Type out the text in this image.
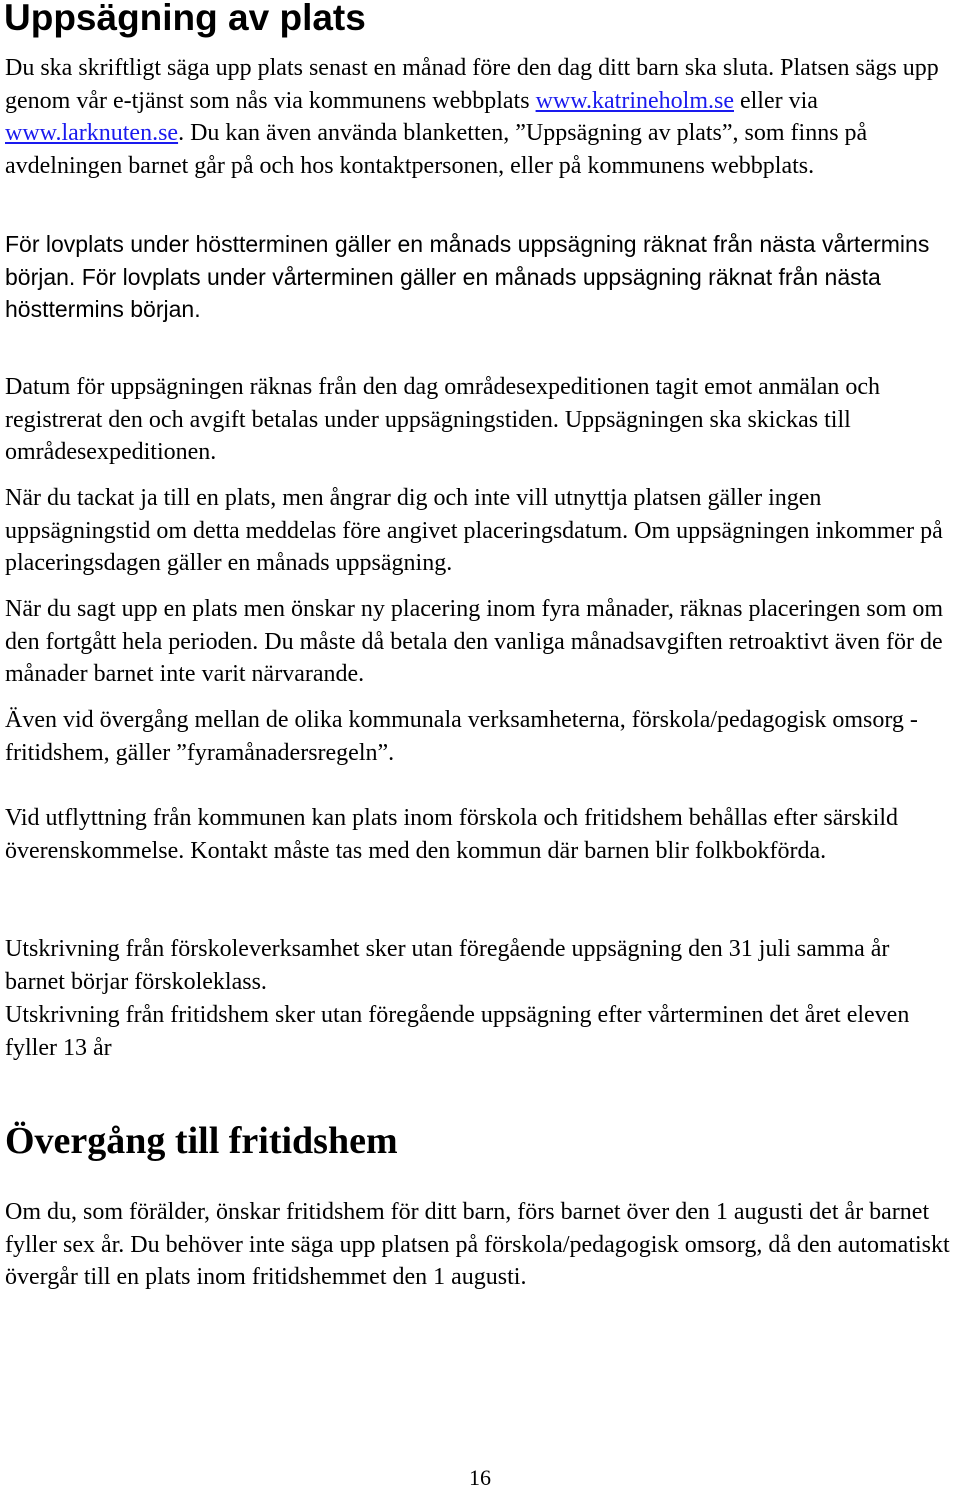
Uppsägning av plats

Du ska skriftligt säga upp plats senast en månad före den dag ditt barn ska sluta. Platsen sägs upp genom vår e-tjänst som nås via kommunens webbplats www.katrineholm.se eller via www.larknuten.se. Du kan även använda blanketten, ”Uppsägning av plats”, som finns på avdelningen barnet går på och hos kontaktpersonen, eller på kommunens webbplats.

För lovplats under höstterminen gäller en månads uppsägning räknat från nästa vårtermins början. För lovplats under vårterminen gäller en månads uppsägning räknat från nästa hösttermins början.

Datum för uppsägningen räknas från den dag områdesexpeditionen tagit emot anmälan och registrerat den och avgift betalas under uppsägningstiden. Uppsägningen ska skickas till områdesexpeditionen.

När du tackat ja till en plats, men ångrar dig och inte vill utnyttja platsen gäller ingen uppsägningstid om detta meddelas före angivet placeringsdatum. Om uppsägningen inkommer på placeringsdagen gäller en månads uppsägning.

När du sagt upp en plats men önskar ny placering inom fyra månader, räknas placeringen som om den fortgått hela perioden. Du måste då betala den vanliga månadsavgiften retroaktivt även för de månader barnet inte varit närvarande.

Även vid övergång mellan de olika kommunala verksamheterna, förskola/pedagogisk omsorg - fritidshem, gäller ”fyramånadersregeln”.

Vid utflyttning från kommunen kan plats inom förskola och fritidshem behållas efter särskild överenskommelse. Kontakt måste tas med den kommun där barnen blir folkbokförda.

Utskrivning från förskoleverksamhet sker utan föregående uppsägning den 31 juli samma år barnet börjar förskoleklass.

Utskrivning från fritidshem sker utan föregående uppsägning efter vårterminen det året eleven fyller 13 år

Övergång till fritidshem

Om du, som förälder, önskar fritidshem för ditt barn, förs barnet över den 1 augusti det år barnet fyller sex år. Du behöver inte säga upp platsen på förskola/pedagogisk omsorg, då den automatiskt övergår till en plats inom fritidshemmet den 1 augusti.

16
